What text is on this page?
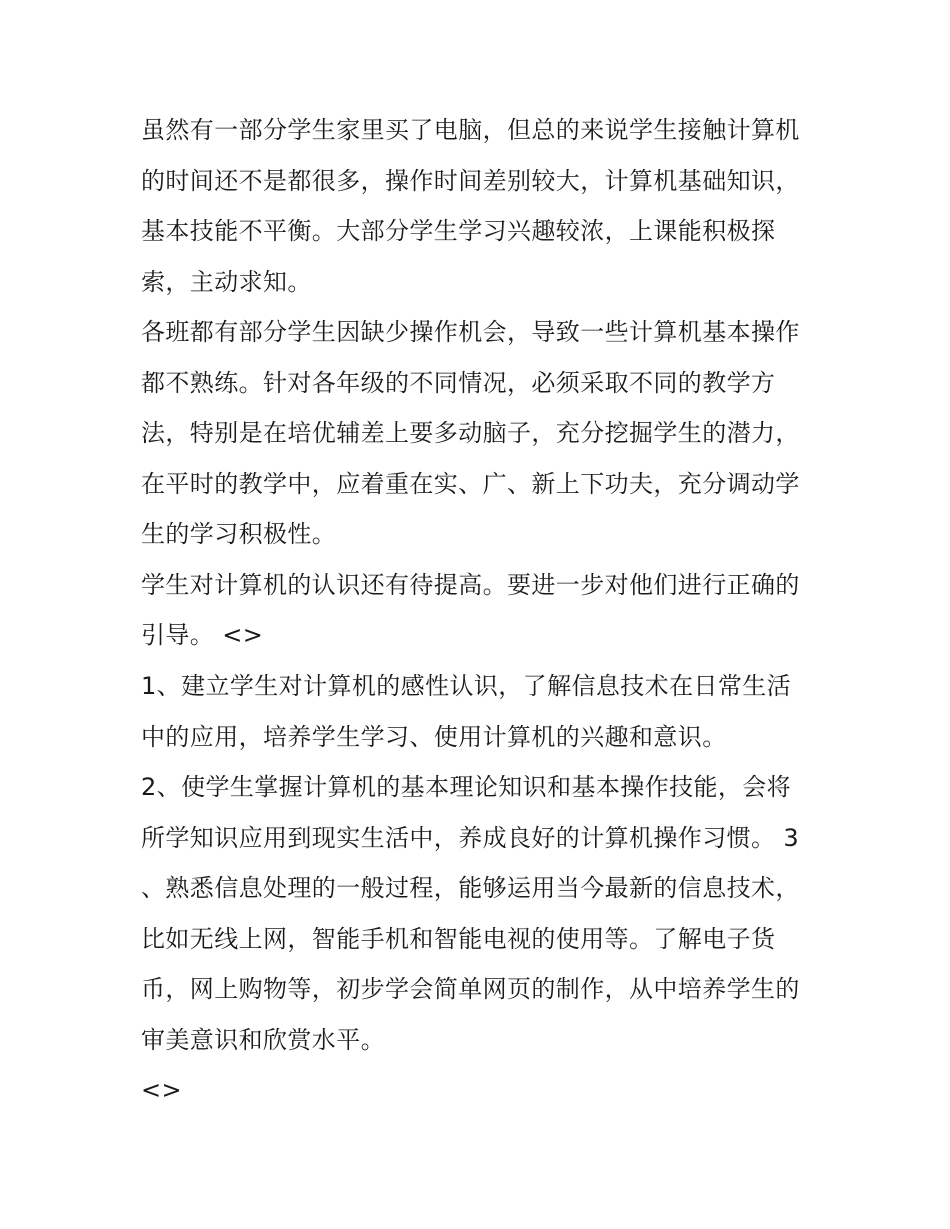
虽然有一部分学生家里买了电脑，但总的来说学生接触计算机
的时间还不是都很多，操作时间差别较大，计算机基础知识，
基本技能不平衡。大部分学生学习兴趣较浓，上课能积极探
索，主动求知。
各班都有部分学生因缺少操作机会，导致一些计算机基本操作
都不熟练。针对各年级的不同情况，必须采取不同的教学方
法，特别是在培优辅差上要多动脑子，充分挖掘学生的潜力，
在平时的教学中，应着重在实、广、新上下功夫，充分调动学
生的学习积极性。
学生对计算机的认识还有待提高。要进一步对他们进行正确的
引导。 <>
1、建立学生对计算机的感性认识，了解信息技术在日常生活
中的应用，培养学生学习、使用计算机的兴趣和意识。
2、使学生掌握计算机的基本理论知识和基本操作技能，会将
所学知识应用到现实生活中，养成良好的计算机操作习惯。 3
、熟悉信息处理的一般过程，能够运用当今最新的信息技术，
比如无线上网，智能手机和智能电视的使用等。了解电子货
币，网上购物等，初步学会简单网页的制作，从中培养学生的
审美意识和欣赏水平。
<>
